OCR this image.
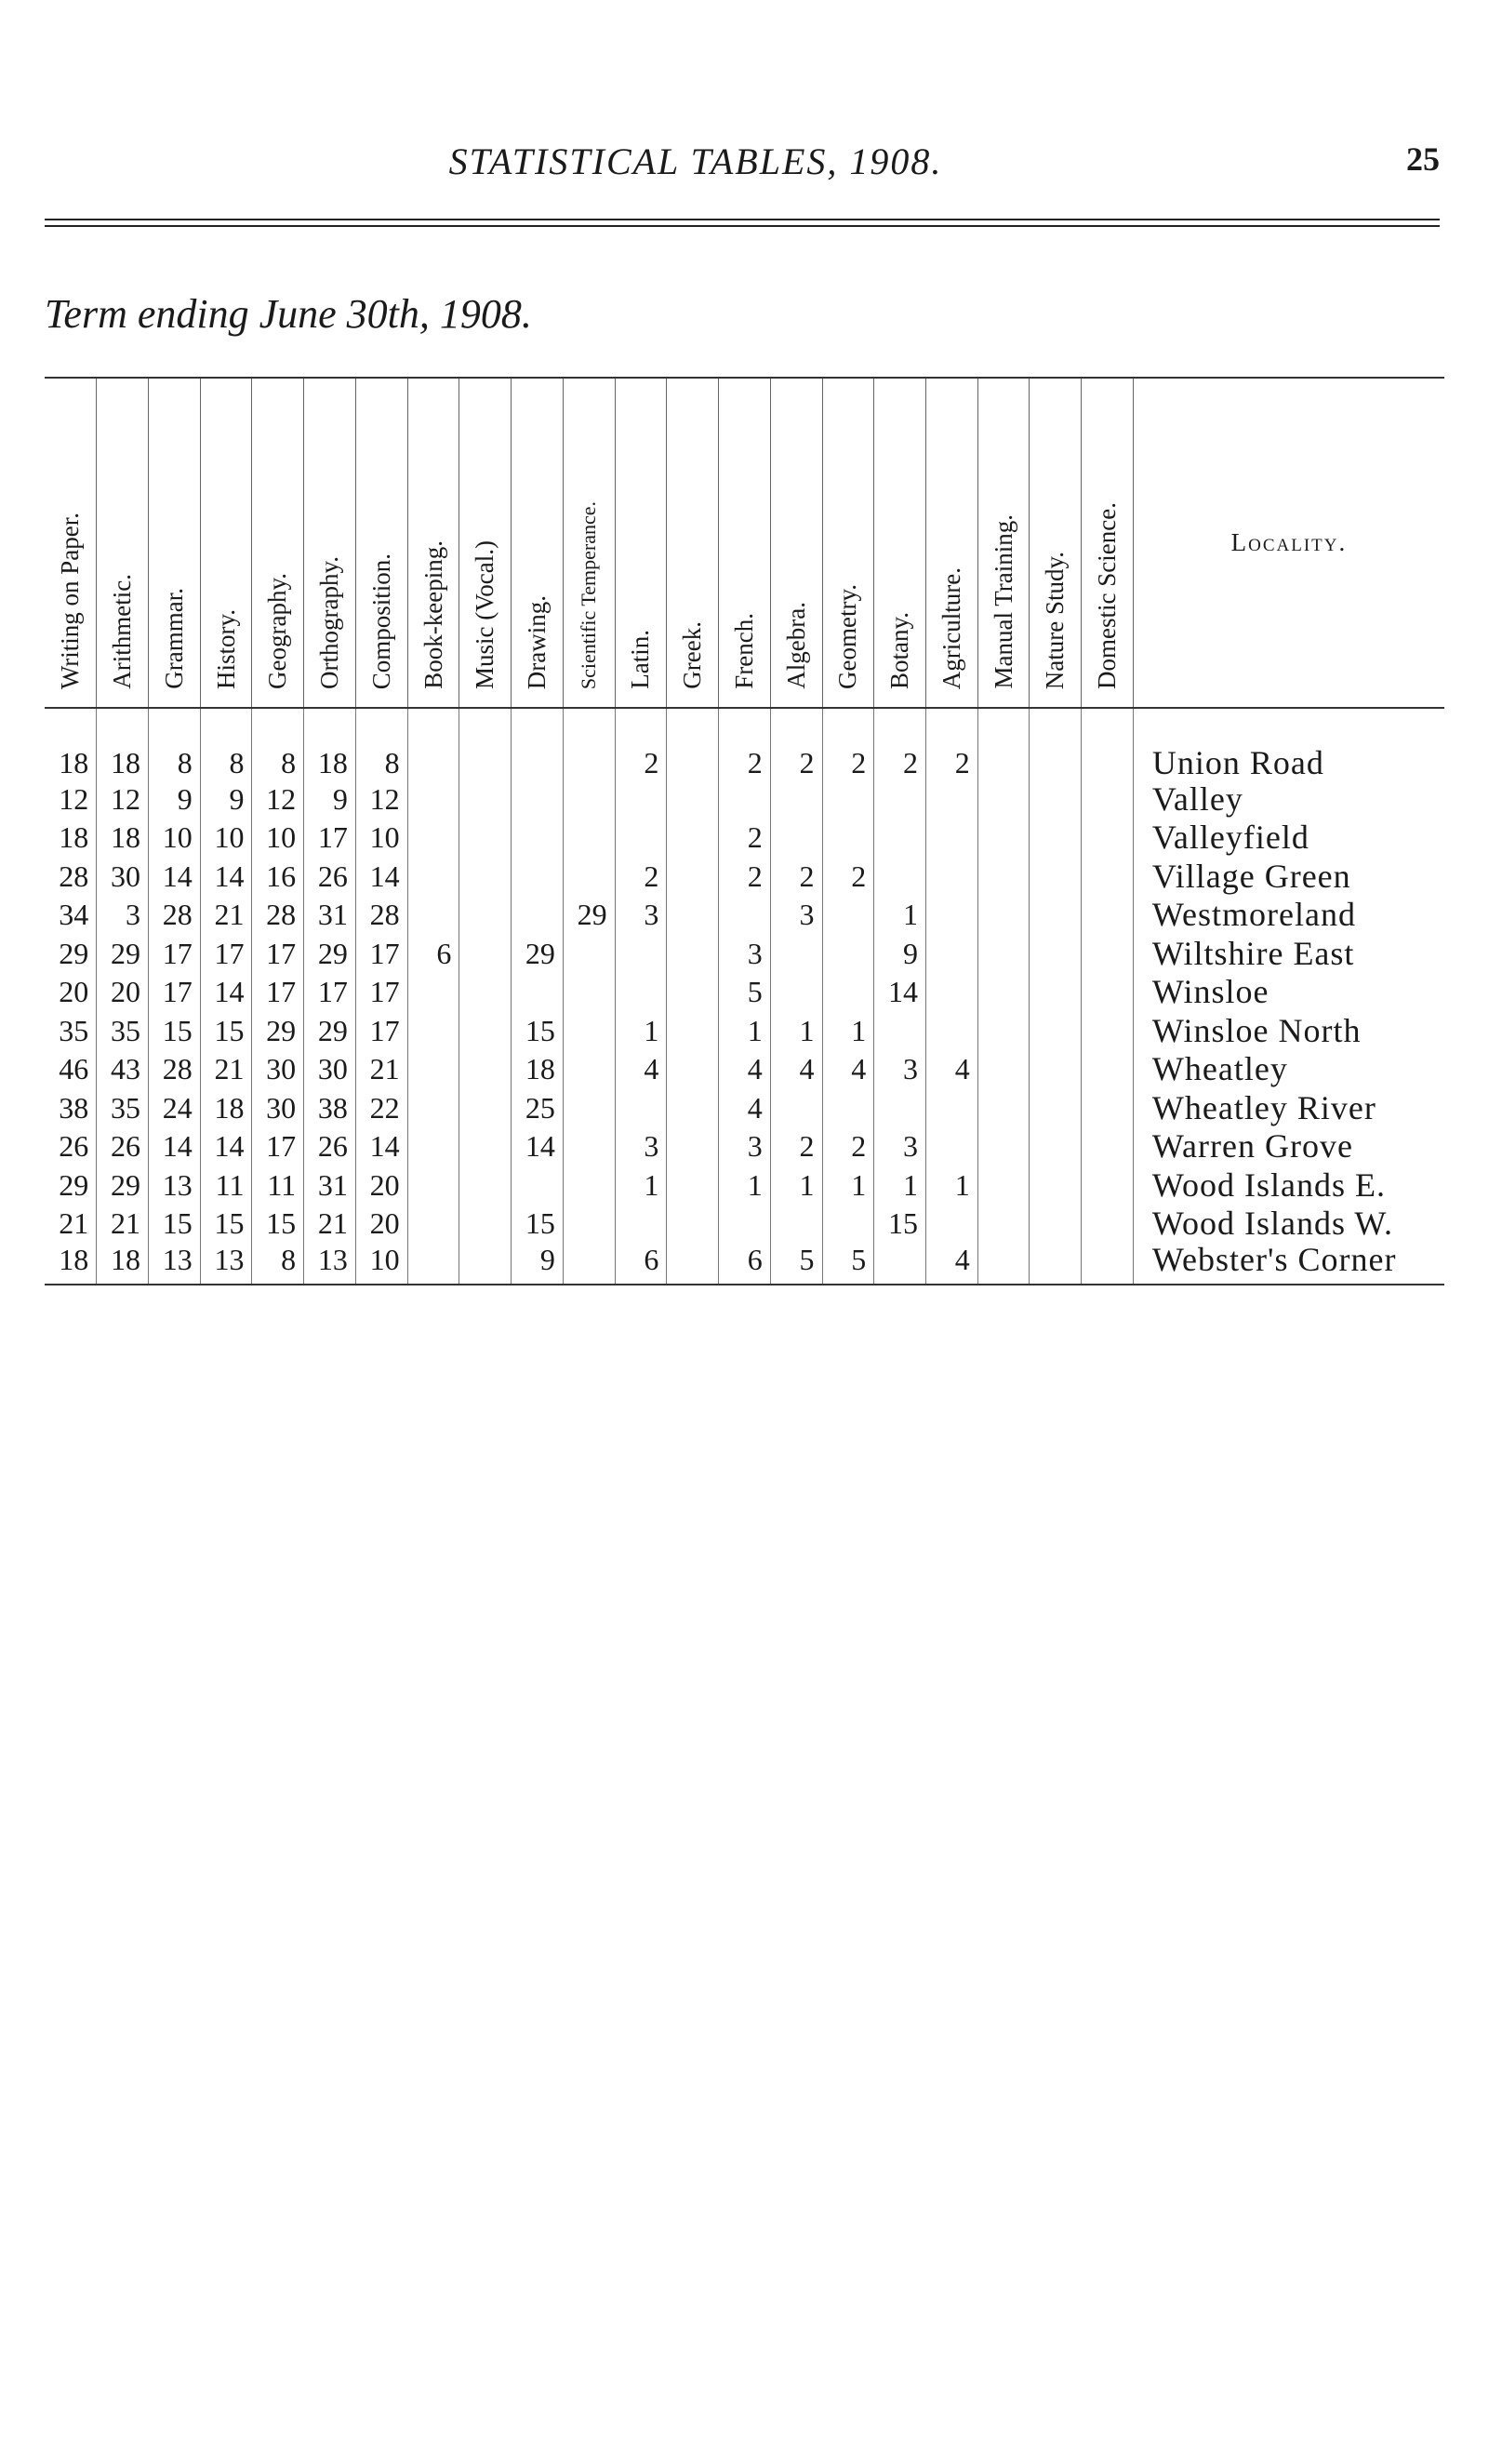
STATISTICAL TABLES, 1908.	25
Term ending June 30th, 1908.
Writing on Paper.	Arithmetic.	Grammar.	History.	Geography.	Orthography.	Composition.	Book-keeping.	Music (Vocal.)	Drawing.	Scientific Temperance.	Latin.	Greek.	French.	Algebra.	Geometry.	Botany.	Agriculture.	Manual Training.	Nature Study.	Domestic Science.	Locality.
18	18	8	8	8	18	8					2		2	2	2	2	2				Union Road
12	12	9	9	12	9	12															Valley
18	18	10	10	10	17	10							2								Valleyfield
28	30	14	14	16	26	14					2		2	2	2						Village Green
34	3	28	21	28	31	28				29	3			3		1					Westmoreland
29	29	17	17	17	29	17	6		29				3			9					Wiltshire East
20	20	17	14	17	17	17							5			14					Winsloe
35	35	15	15	29	29	17			15		1		1	1	1						Winsloe North
46	43	28	21	30	30	21			18		4		4	4	4	3	4				Wheatley
38	35	24	18	30	38	22			25				4								Wheatley River
26	26	14	14	17	26	14			14		3		3	2	2	3					Warren Grove
29	29	13	11	11	31	20					1		1	1	1	1	1				Wood Islands E.
21	21	15	15	15	21	20			15							15					Wood Islands W.
18	18	13	13	8	13	10			9		6		6	5	5		4				Webster's Corner
